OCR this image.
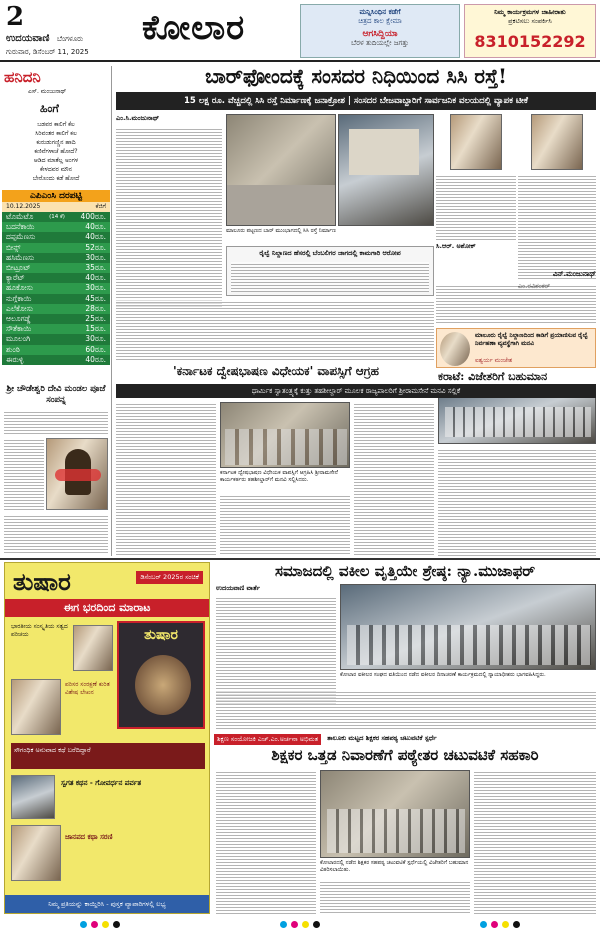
2
ಉದಯವಾಣಿ ಬೆಂಗಳೂರು
ಗುರುವಾರ, ಡಿಸೆಂಬರ್ 11, 2025
ಕೋಲಾರ	ಮನ್ನಿಸಿಂಧಿನ ಕಡೆಗೆ
ಚಿತ್ರದ ಕಾಲ ಕ್ಷೇಮಾ
ಆಗಸಿದ್ದಿಯಾ
ಬೆರಳ ತುದಿಯಲ್ಲೇ ಜಗತ್ತು
ನಿಮ್ಮ ಕಾರ್ಯಕ್ರಮಗಳ ಜಾಹೀರಾತು
ಪ್ರಕಟಿಸಲು ಸಂಪರ್ಕಿಸಿ
8310152292
ಹನಿದನಿ
ಎಸ್. ಮಂಜುನಾಥ್
ಹಿಂಗೆ
ಬಡವರ ಕಾಲಿಗೆ ಕೆಲ
ಸಿರಿವಂತರ ಕಾಲಿಗೆ ಕಲ
ಕುರುಡುಗಣ್ಣಿನ ಹಾದಿ
ಕಣಿವೆಗಳಾಚೆ ಹೋದೆ?
ಆಡಿದ ಮಾತೆಲ್ಲ ಅಂಗಳ
ಕೇಳದವರ ಮೌನ
ಬೇರೊಂದು ಕಡೆ ಹೋದೆ
ಎಪಿಎಂಸಿ ದರಪಟ್ಟಿ
10.12.2025	ಕೆಜಿಗೆ
ಟೊಮೆಟೊ	(14 ಕೆ) 400ರೂ.
ಬದನೆಕಾಯಿ	40ರೂ.
ದಪ್ಪಮೆಣಸು	40ರೂ.
ಬೀನ್ಸ್	52ರೂ.
ಹಸಿಮೆಣಸು	30ರೂ.
ಬೀಟ್ರೂಟ್	35ರೂ.
ಕ್ಯಾರೆಟ್	40ರೂ.
ಹೂಕೋಸು	30ರೂ.
ನುಗ್ಗೆಕಾಯಿ	45ರೂ.
ಎಲೆಕೋಸು	28ರೂ.
ಆಲೂಗಡ್ಡೆ	25ರೂ.
ಸೌತೆಕಾಯಿ	15ರೂ.
ಮೂಲಂಗಿ	30ರೂ.
ಶುಂಠಿ	60ರೂ.
ಈರುಳ್ಳಿ	40ರೂ.
ಶ್ರೀ ಚೌಡೇಶ್ವರಿ ದೇವಿ ಮಂಡಲ ಪೂಜೆ ಸಂಪನ್ನ
ಬಾರ್‌ಫೋಂದಕ್ಕೆ ಸಂಸದರ ನಿಧಿಯಿಂದ ಸಿಸಿ ರಸ್ತೆ!
15 ಲಕ್ಷ ರೂ. ವೆಚ್ಚದಲ್ಲಿ ಸಿಸಿ ರಸ್ತೆ ನಿರ್ಮಾಣಕ್ಕೆ ಜನಾಕ್ರೋಶ | ಸಂಸದರ ಬೇಜವಾಬ್ದಾರಿಗೆ ಸಾರ್ವಜನಿಕ ವಲಯದಲ್ಲಿ ವ್ಯಾಪಕ ಟೀಕೆ
ಎಂ.ಸಿ.ಮಂಜುನಾಥ್
ಮಾಲೂರು ಪಟ್ಟಣದ ಬಾರ್ ಮುಂಭಾಗದಲ್ಲಿ ಸಿಸಿ ರಸ್ತೆ ನಿರ್ಮಾಣ
ಸಿ.ಆರ್. ಅಶೋಕ್
ರೈಲ್ವೆ ನಿಲ್ದಾಣದ ಹೆಸರಲ್ಲಿ ಬೆಂಬಲಿಗರ ಜಾಗದಲ್ಲಿ ಕಾಮಗಾರಿ ಆರೋಪ
ವಿನ್.ಮಂಜುನಾಥ್
ಮಾಲೂರು ರೈಲ್ವೆ ನಿಲ್ದಾಣದಿಂದ ಕಾಡಿಗೆ ಪ್ರಯಾಣಿಸುವ ರೈಲ್ವೆ ನಿರ್ವಹಣಾ ವ್ಯವಸ್ಥೆಗಾಗಿ ಮನವಿ
ಐಶ್ವರ್ಯ ಮಂಜೇಶ
ಕರಾಟೆ: ವಿಜೇತರಿಗೆ ಬಹುಮಾನ
'ಕರ್ನಾಟಕ ದ್ವೇಷಭಾಷಣ ವಿಧೇಯಕ' ವಾಪಸ್ಸಿಗೆ ಆಗ್ರಹ
ಧಾರ್ಮಿಕ ಸ್ವಾತಂತ್ರ್ಯಕ್ಕೆ ಕುತ್ತು ತಹಶೀಲ್ದಾರ್ ಮೂಲಕ ರಾಜ್ಯಪಾಲರಿಗೆ ಶ್ರೀರಾಮಸೇನೆ ಮನವಿ ಸಲ್ಲಿಕೆ
ಕರ್ನಾಟಕ ದ್ವೇಷಭಾಷಣ ವಿಧೇಯಕ ವಾಪಸ್ಸಿಗೆ ಆಗ್ರಹಿಸಿ ಶ್ರೀರಾಮಸೇನೆ ಕಾರ್ಯಕರ್ತರು ತಹಶೀಲ್ದಾರ್‌ಗೆ ಮನವಿ ಸಲ್ಲಿಸಿದರು.
ತುಷಾರ	ಡಿಸೆಂಬರ್ 2025ರ ಸಂಚಿಕೆ
ಈಗ ಭರದಿಂದ ಮಾರಾಟ
ಭಾರತೀಯ ಸಂಸ್ಕೃತಿಯ ಸತ್ವದ ಪರಿಚಯ	ತುಷಾರ
ಪರಿಸರ ಸಂರಕ್ಷಣೆ ಕುರಿತ ವಿಶೇಷ ಲೇಖನ
ಸೌಗಂಧಿಕ ಅನುವಾದ ಕಥೆ ಬರೆದಿದ್ದಾರೆ
ಸ್ವಗತ ಕಥನ - ಗೋವರ್ಧನ ಪರ್ವತ
ಜಾನಪದ ಕಥಾ ಸರಣಿ
ನಿಮ್ಮ ಪ್ರತಿಯನ್ನು ಕಾಯ್ದಿರಿಸಿ - ಪುಸ್ತಕ ವ್ಯಾಪಾರಿಗಳಲ್ಲಿ ಲಭ್ಯ
ಸಮಾಜದಲ್ಲಿ ವಕೀಲ ವೃತ್ತಿಯೇ ಶ್ರೇಷ್ಠ: ನ್ಯಾ.ಮುಜಾಫರ್
ಉದಯವಾಣಿ ವಾರ್ತೆ
ಕೋಲಾರ ವಕೀಲರ ಸಂಘದ ವತಿಯಿಂದ ನಡೆದ ವಕೀಲರ ದಿನಾಚರಣೆ ಕಾರ್ಯಕ್ರಮದಲ್ಲಿ ನ್ಯಾಯಾಧೀಶರು ಭಾಗವಹಿಸಿದ್ದರು.
ಶಿಕ್ಷಣ ಸಂಯೋಜಕಿ ಎಚ್.ಎಂ.ಅರ್ಚನಾ ಅಭಿಮತ	ತಾಲೂಕು ಮಟ್ಟದ ಶಿಕ್ಷಕರ ಸಹಪಠ್ಯ ಚಟುವಟಿಕೆ ಸ್ಪರ್ಧೆ
ಶಿಕ್ಷಕರ ಒತ್ತಡ ನಿವಾರಣೆಗೆ ಪಠ್ಯೇತರ ಚಟುವಟಿಕೆ ಸಹಕಾರಿ
ಕೋಲಾರದಲ್ಲಿ ನಡೆದ ಶಿಕ್ಷಕರ ಸಹಪಠ್ಯ ಚಟುವಟಿಕೆ ಸ್ಪರ್ಧೆಯಲ್ಲಿ ವಿಜೇತರಿಗೆ ಬಹುಮಾನ ವಿತರಿಸಲಾಯಿತು.
